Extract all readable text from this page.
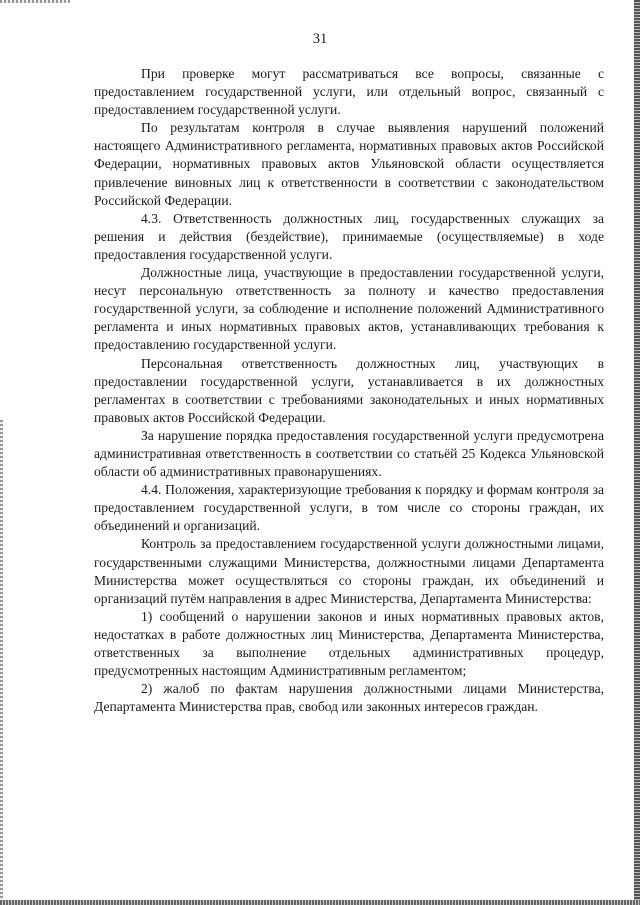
31

При проверке могут рассматриваться все вопросы, связанные с предоставлением государственной услуги, или отдельный вопрос, связанный с предоставлением государственной услуги.

По результатам контроля в случае выявления нарушений положений настоящего Административного регламента, нормативных правовых актов Российской Федерации, нормативных правовых актов Ульяновской области осуществляется привлечение виновных лиц к ответственности в соответствии с законодательством Российской Федерации.

4.3. Ответственность должностных лиц, государственных служащих за решения и действия (бездействие), принимаемые (осуществляемые) в ходе предоставления государственной услуги.

Должностные лица, участвующие в предоставлении государственной услуги, несут персональную ответственность за полноту и качество предоставления государственной услуги, за соблюдение и исполнение положений Административного регламента и иных нормативных правовых актов, устанавливающих требования к предоставлению государственной услуги.

Персональная ответственность должностных лиц, участвующих в предоставлении государственной услуги, устанавливается в их должностных регламентах в соответствии с требованиями законодательных и иных нормативных правовых актов Российской Федерации.

За нарушение порядка предоставления государственной услуги предусмотрена административная ответственность в соответствии со статьёй 25 Кодекса Ульяновской области об административных правонарушениях.

4.4. Положения, характеризующие требования к порядку и формам контроля за предоставлением государственной услуги, в том числе со стороны граждан, их объединений и организаций.

Контроль за предоставлением государственной услуги должностными лицами, государственными служащими Министерства, должностными лицами Департамента Министерства может осуществляться со стороны граждан, их объединений и организаций путём направления в адрес Министерства, Департамента Министерства:

1) сообщений о нарушении законов и иных нормативных правовых актов, недостатках в работе должностных лиц Министерства, Департамента Министерства, ответственных за выполнение отдельных административных процедур, предусмотренных настоящим Административным регламентом;

2) жалоб по фактам нарушения должностными лицами Министерства, Департамента Министерства прав, свобод или законных интересов граждан.
